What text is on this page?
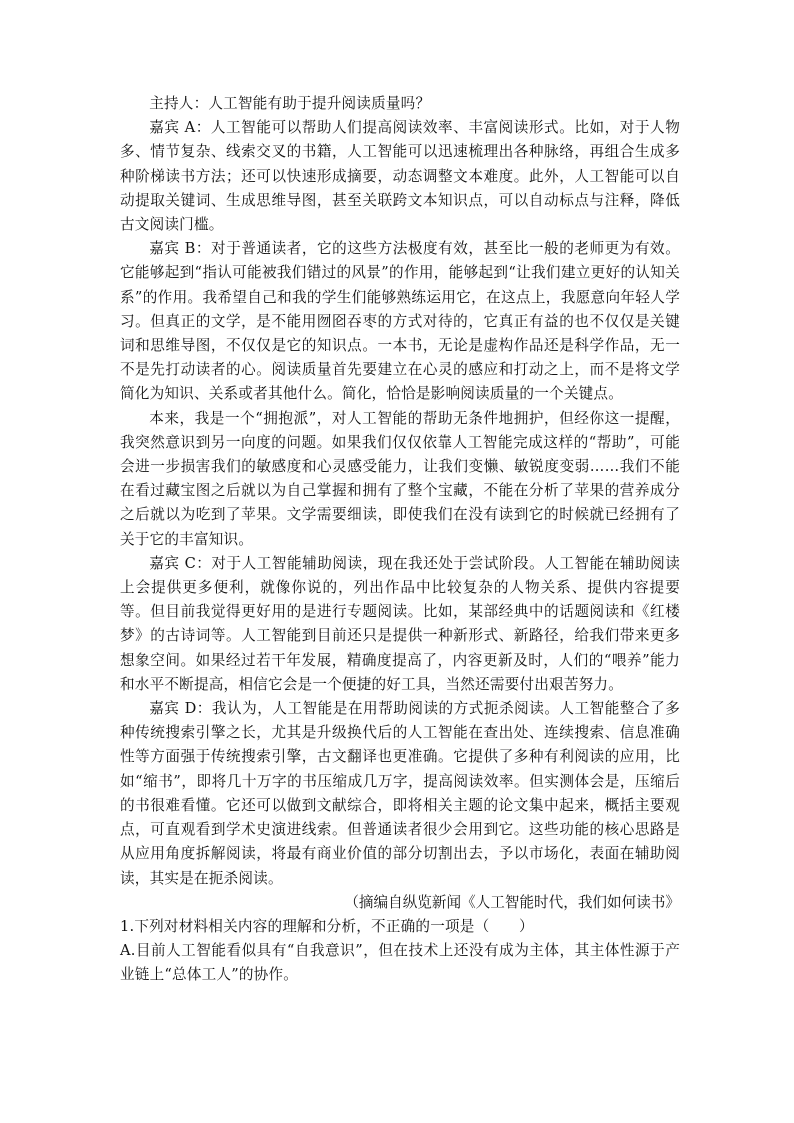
主持人：人工智能有助于提升阅读质量吗？

嘉宾 A：人工智能可以帮助人们提高阅读效率、丰富阅读形式。比如，对于人物多、情节复杂、线索交叉的书籍，人工智能可以迅速梳理出各种脉络，再组合生成多种阶梯读书方法；还可以快速形成摘要，动态调整文本难度。此外，人工智能可以自动提取关键词、生成思维导图，甚至关联跨文本知识点，可以自动标点与注释，降低古文阅读门槛。

嘉宾 B：对于普通读者，它的这些方法极度有效，甚至比一般的老师更为有效。它能够起到“指认可能被我们错过的风景”的作用，能够起到“让我们建立更好的认知关系”的作用。我希望自己和我的学生们能够熟练运用它，在这点上，我愿意向年轻人学习。但真正的文学，是不能用囫囵吞枣的方式对待的，它真正有益的也不仅仅是关键词和思维导图，不仅仅是它的知识点。一本书，无论是虚构作品还是科学作品，无一不是先打动读者的心。阅读质量首先要建立在心灵的感应和打动之上，而不是将文学简化为知识、关系或者其他什么。简化，恰恰是影响阅读质量的一个关键点。

本来，我是一个“拥抱派”，对人工智能的帮助无条件地拥护，但经你这一提醒，我突然意识到另一向度的问题。如果我们仅仅依靠人工智能完成这样的“帮助”，可能会进一步损害我们的敏感度和心灵感受能力，让我们变懒、敏锐度变弱……我们不能在看过藏宝图之后就以为自己掌握和拥有了整个宝藏，不能在分析了苹果的营养成分之后就以为吃到了苹果。文学需要细读，即使我们在没有读到它的时候就已经拥有了关于它的丰富知识。

嘉宾 C：对于人工智能辅助阅读，现在我还处于尝试阶段。人工智能在辅助阅读上会提供更多便利，就像你说的，列出作品中比较复杂的人物关系、提供内容提要等。但目前我觉得更好用的是进行专题阅读。比如，某部经典中的话题阅读和《红楼梦》的古诗词等。人工智能到目前还只是提供一种新形式、新路径，给我们带来更多想象空间。如果经过若干年发展，精确度提高了，内容更新及时，人们的“喂养”能力和水平不断提高，相信它会是一个便捷的好工具，当然还需要付出艰苦努力。

嘉宾 D：我认为，人工智能是在用帮助阅读的方式扼杀阅读。人工智能整合了多种传统搜索引擎之长，尤其是升级换代后的人工智能在查出处、连续搜索、信息准确性等方面强于传统搜索引擎，古文翻译也更准确。它提供了多种有利阅读的应用，比如“缩书”，即将几十万字的书压缩成几万字，提高阅读效率。但实测体会是，压缩后的书很难看懂。它还可以做到文献综合，即将相关主题的论文集中起来，概括主要观点，可直观看到学术史演进线索。但普通读者很少会用到它。这些功能的核心思路是从应用角度拆解阅读，将最有商业价值的部分切割出去，予以市场化，表面在辅助阅读，其实是在扼杀阅读。

（摘编自纵览新闻《人工智能时代，我们如何读书》

1.下列对材料相关内容的理解和分析，不正确的一项是（　　）

A.目前人工智能看似具有“自我意识”，但在技术上还没有成为主体，其主体性源于产业链上“总体工人”的协作。
